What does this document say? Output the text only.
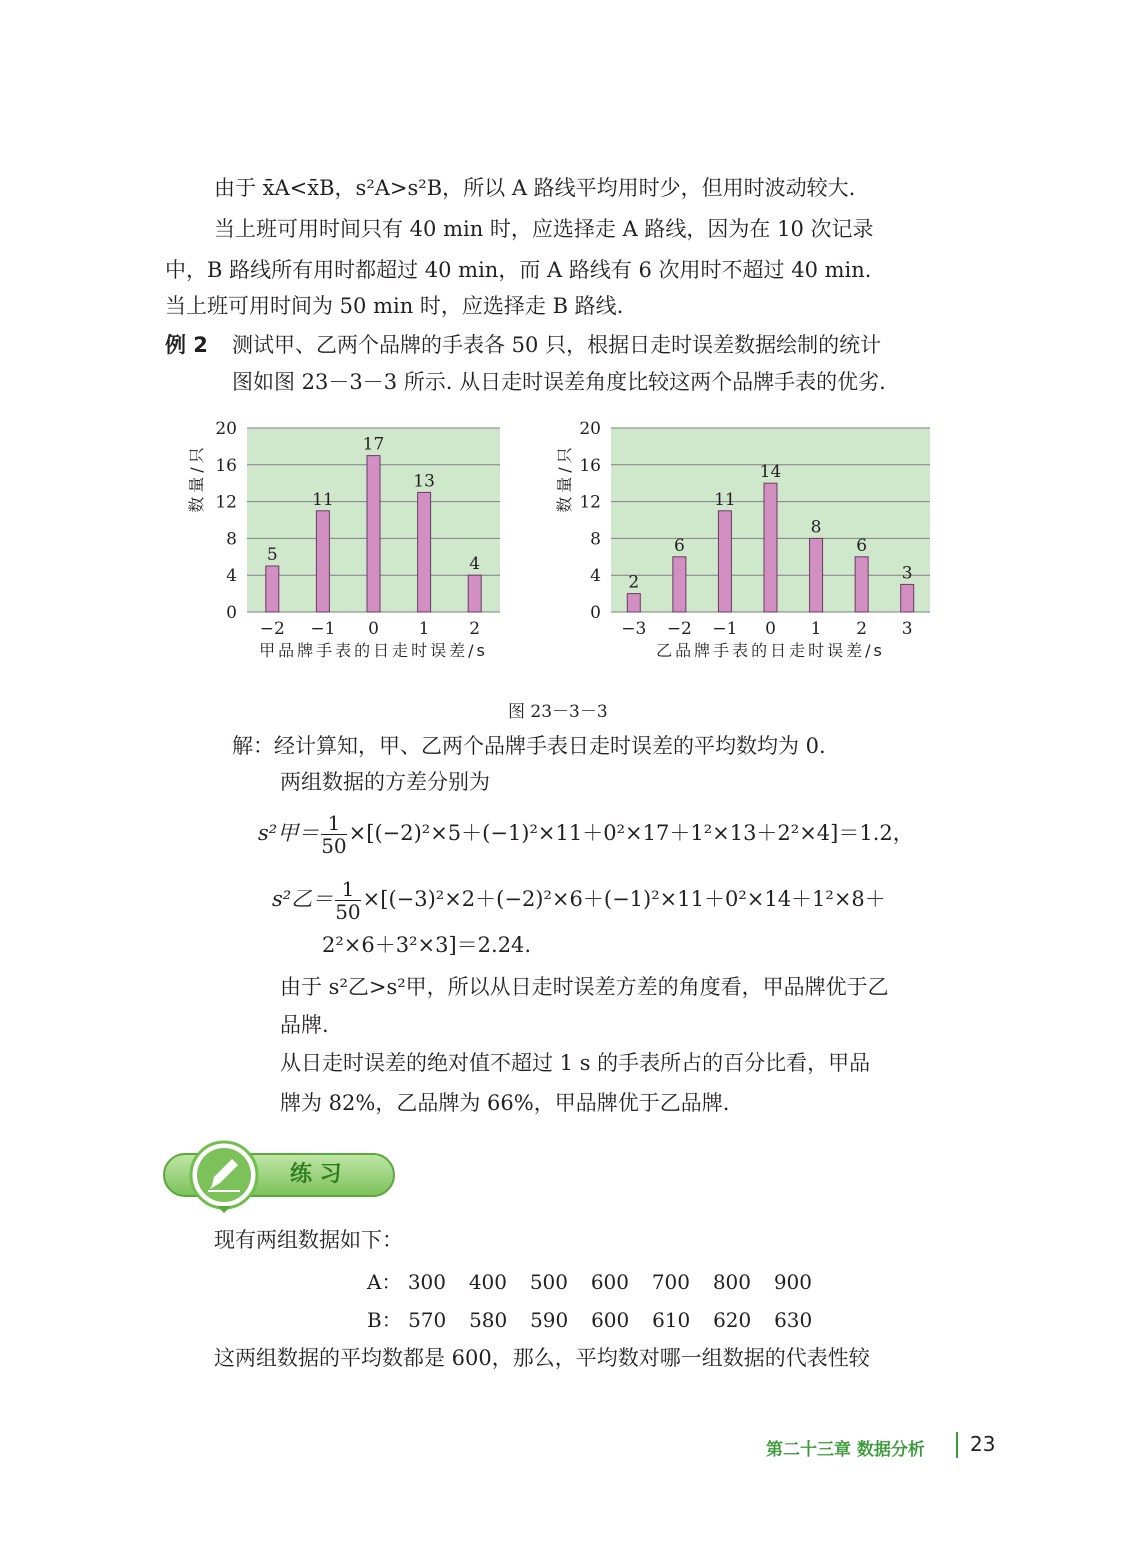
由于 x̄A<x̄B，s²A>s²B，所以 A 路线平均用时少，但用时波动较大.
当上班可用时间只有 40 min 时，应选择走 A 路线，因为在 10 次记录
中，B 路线所有用时都超过 40 min，而 A 路线有 6 次用时不超过 40 min.
当上班可用时间为 50 min 时，应选择走 B 路线.
例 2 测试甲、乙两个品牌的手表各 50 只，根据日走时误差数据绘制的统计
图如图 23－3－3 所示. 从日走时误差角度比较这两个品牌手表的优劣.
0
4
8
12
16
20
数量/只
5
−2
11
−1
17
0
13
1
4
2
甲品牌手表的日走时误差/s
0
4
8
12
16
20
数量/只
2
−3
6
−2
11
−1
14
0
8
1
6
2
3
3
乙品牌手表的日走时误差/s
图 23－3－3
解：经计算知，甲、乙两个品牌手表日走时误差的平均数均为 0.
两组数据的方差分别为
s²甲＝ $\frac{1}{50} \times[(-2)^2\times 5+(-1)^2\times 11+0^2\times 17+1^2\times 13+2^2\times 4]=1.2$，
s²乙＝ $\frac{1}{50} \times[(-3)^2\times 2+(-2)^2\times 6+(-1)^2\times 11+0^2\times 14+1^2\times 8+$
2²×6＋3²×3]＝2.24.
由于 s²乙>s²甲，所以从日走时误差方差的角度看，甲品牌优于乙
品牌.
从日走时误差的绝对值不超过 1 s 的手表所占的百分比看，甲品
牌为 82%，乙品牌为 66%，甲品牌优于乙品牌.
练 习
现有两组数据如下：
A： 300 400 500 600 700 800 900
B： 570 580 590 600 610 620 630
这两组数据的平均数都是 600，那么，平均数对哪一组数据的代表性较
第二十三章 数据分析 23
